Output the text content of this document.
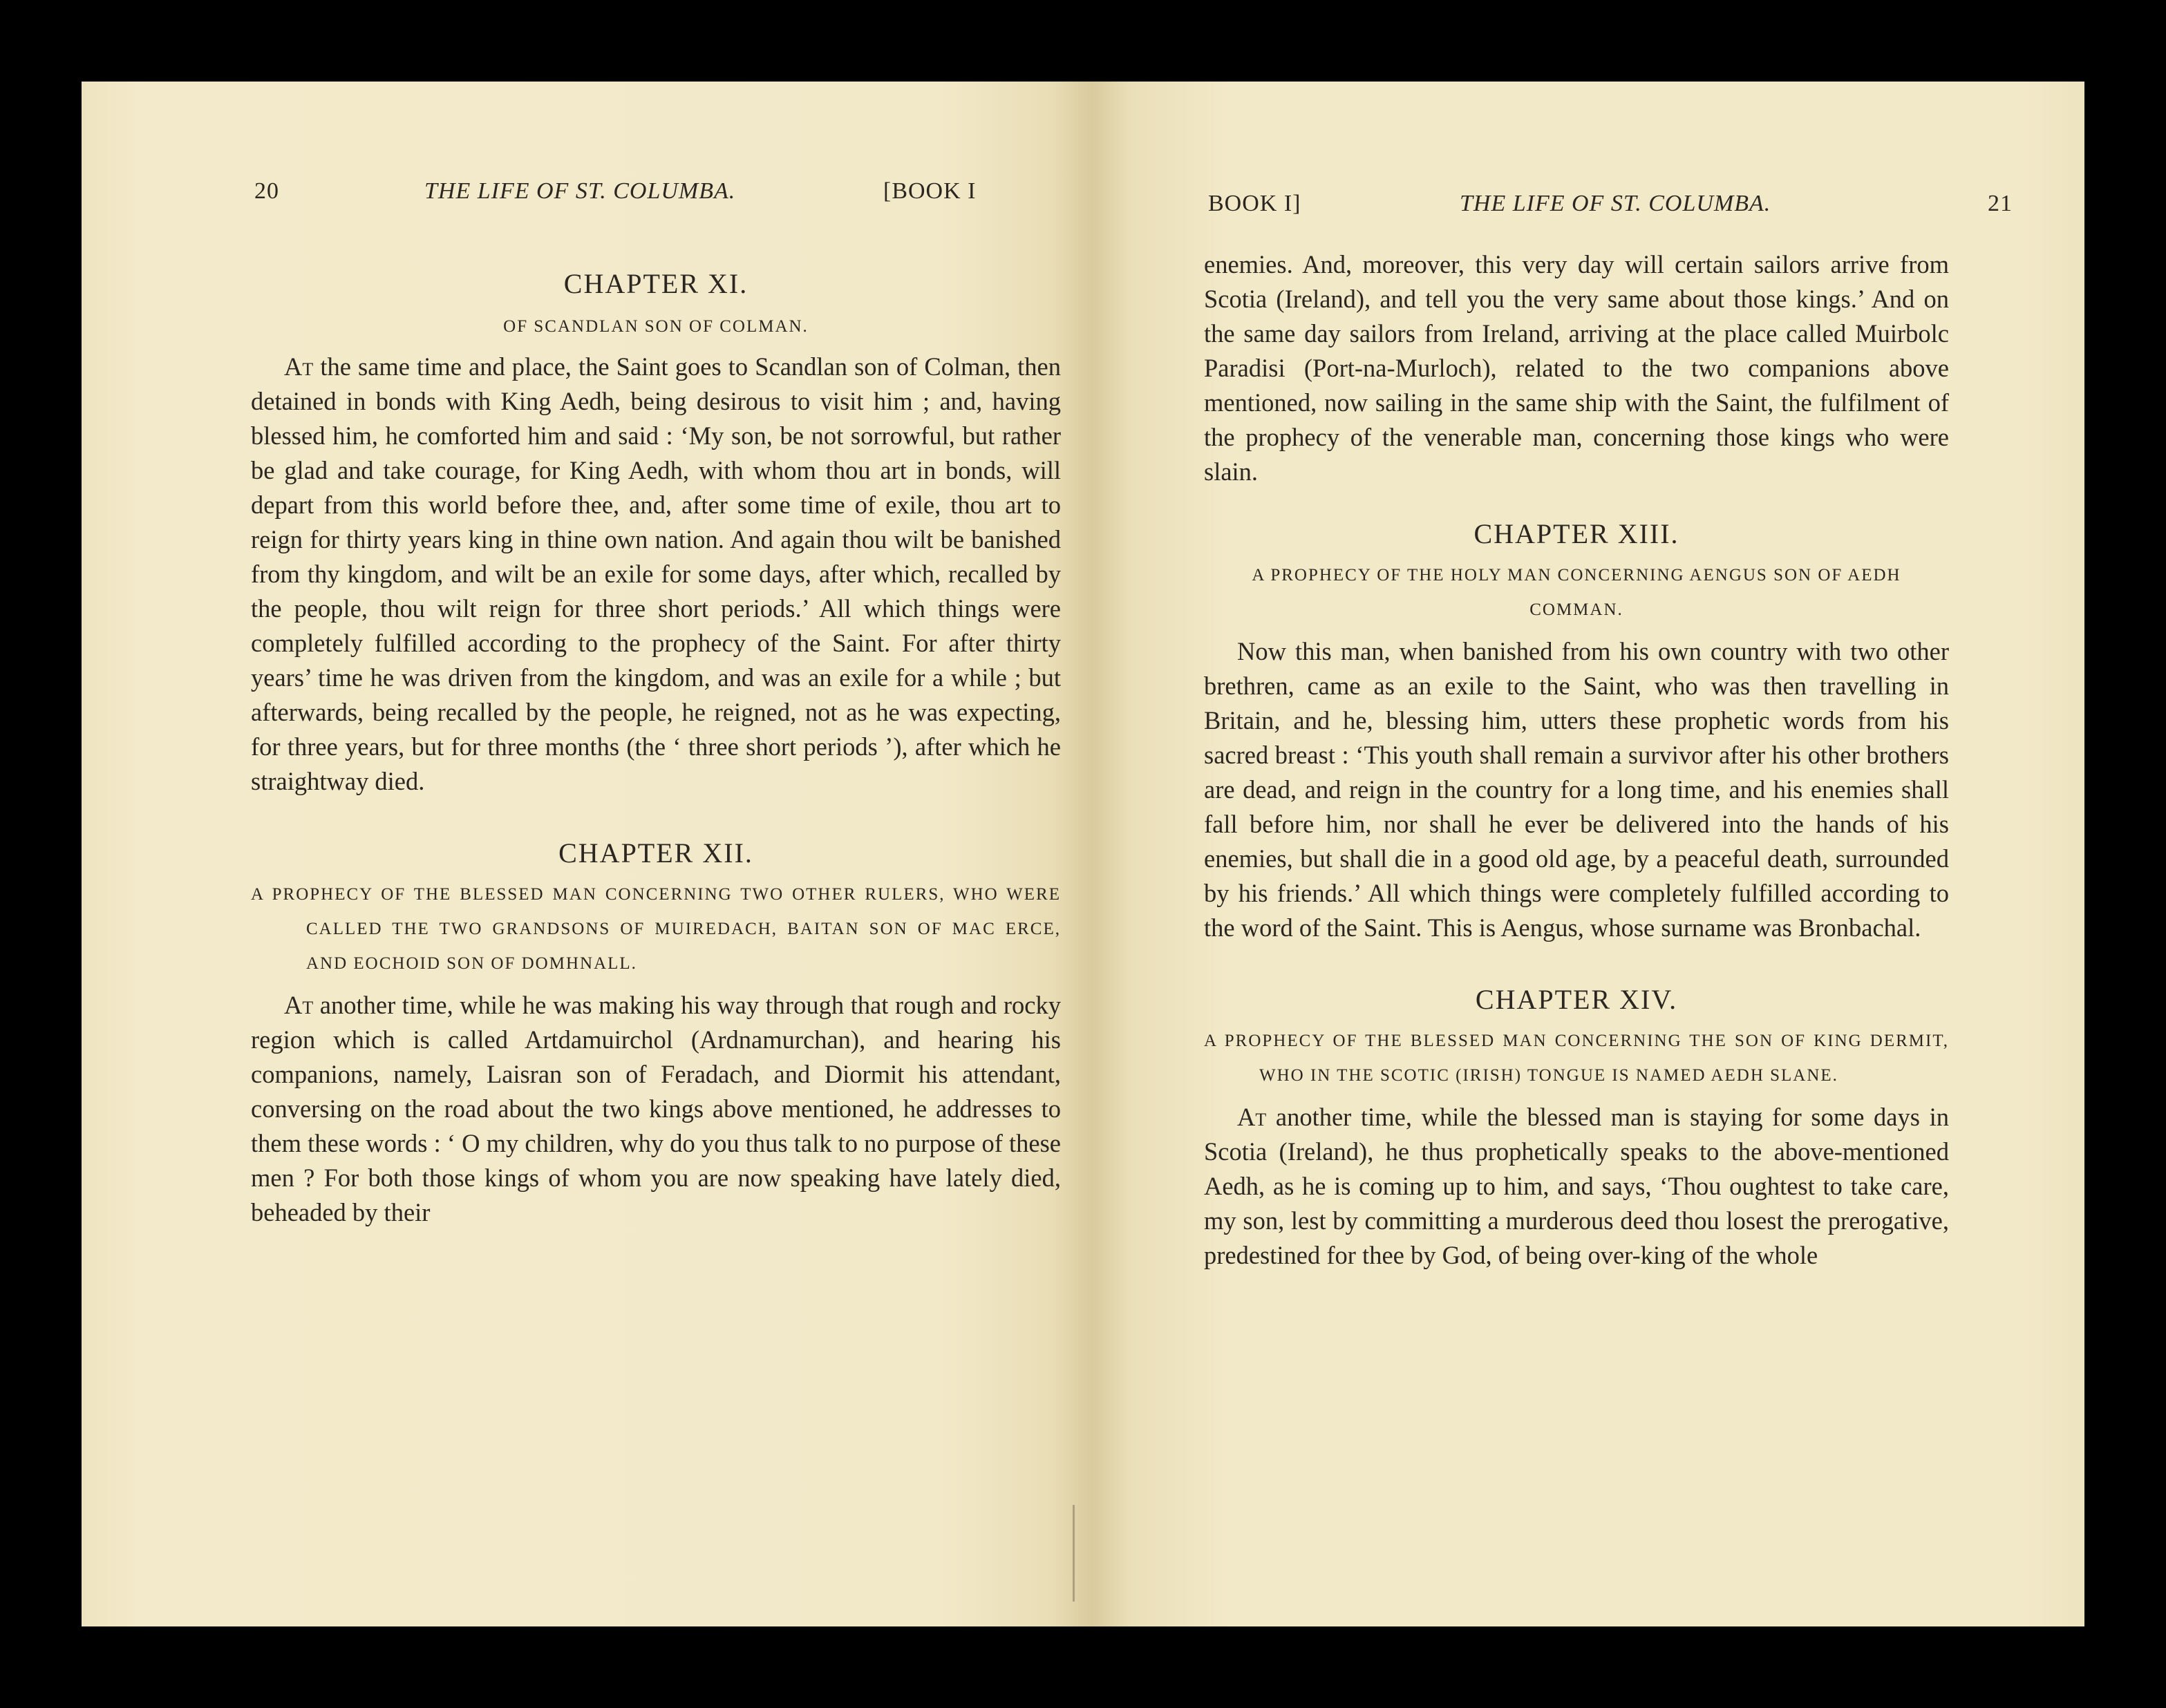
20	THE LIFE OF ST. COLUMBA.	[BOOK I

CHAPTER XI.

OF SCANDLAN SON OF COLMAN.

At the same time and place, the Saint goes to Scandlan son of Colman, then detained in bonds with King Aedh, being desirous to visit him ; and, having blessed him, he comforted him and said : ‘My son, be not sorrowful, but rather be glad and take courage, for King Aedh, with whom thou art in bonds, will depart from this world before thee, and, after some time of exile, thou art to reign for thirty years king in thine own nation. And again thou wilt be banished from thy kingdom, and wilt be an exile for some days, after which, recalled by the people, thou wilt reign for three short periods.’ All which things were completely fulfilled according to the prophecy of the Saint. For after thirty years’ time he was driven from the kingdom, and was an exile for a while ; but afterwards, being recalled by the people, he reigned, not as he was expecting, for three years, but for three months (the ‘ three short periods ’), after which he straightway died.

CHAPTER XII.

A PROPHECY OF THE BLESSED MAN CONCERNING TWO OTHER RULERS, WHO WERE CALLED THE TWO GRANDSONS OF MUIREDACH, BAITAN SON OF MAC ERCE, AND EOCHOID SON OF DOMHNALL.

At another time, while he was making his way through that rough and rocky region which is called Artdamuirchol (Ardnamurchan), and hearing his companions, namely, Laisran son of Feradach, and Diormit his attendant, conversing on the road about the two kings above mentioned, he addresses to them these words : ‘ O my children, why do you thus talk to no purpose of these men ? For both those kings of whom you are now speaking have lately died, beheaded by their

BOOK I]	THE LIFE OF ST. COLUMBA.	21

enemies. And, moreover, this very day will certain sailors arrive from Scotia (Ireland), and tell you the very same about those kings.’ And on the same day sailors from Ireland, arriving at the place called Muirbolc Paradisi (Port-na-Murloch), related to the two companions above mentioned, now sailing in the same ship with the Saint, the fulfilment of the prophecy of the venerable man, concerning those kings who were slain.

CHAPTER XIII.

A PROPHECY OF THE HOLY MAN CONCERNING AENGUS SON OF AEDH COMMAN.

Now this man, when banished from his own country with two other brethren, came as an exile to the Saint, who was then travelling in Britain, and he, blessing him, utters these prophetic words from his sacred breast : ‘This youth shall remain a survivor after his other brothers are dead, and reign in the country for a long time, and his enemies shall fall before him, nor shall he ever be delivered into the hands of his enemies, but shall die in a good old age, by a peaceful death, surrounded by his friends.’ All which things were completely fulfilled according to the word of the Saint. This is Aengus, whose surname was Bronbachal.

CHAPTER XIV.

A PROPHECY OF THE BLESSED MAN CONCERNING THE SON OF KING DERMIT, WHO IN THE SCOTIC (IRISH) TONGUE IS NAMED AEDH SLANE.

At another time, while the blessed man is staying for some days in Scotia (Ireland), he thus prophetically speaks to the above-mentioned Aedh, as he is coming up to him, and says, ‘Thou oughtest to take care, my son, lest by committing a murderous deed thou losest the prerogative, predestined for thee by God, of being over-king of the whole
